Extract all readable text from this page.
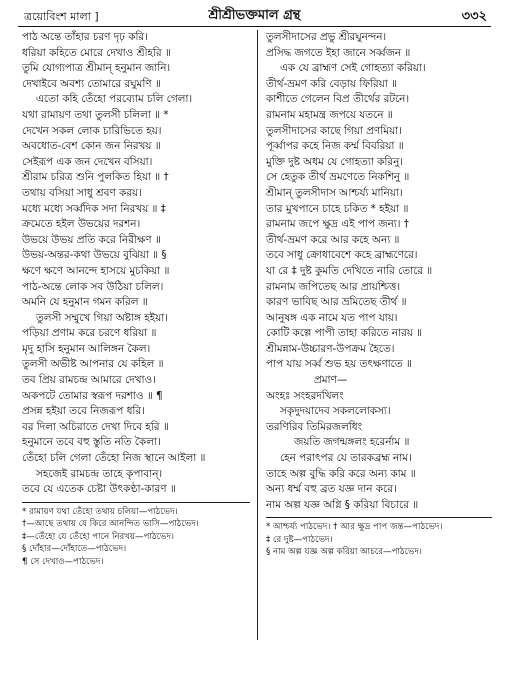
ত্রয়োবিংশ মালা ]	শ্রীশ্রীভক্তমাল গ্রন্থ	৩৩২
পাঠ অন্তে তাঁহার চরণ দৃঢ় করি।
ধরিয়া কহিতে মোরে দেখাও শ্রীহরি ॥
তুমি যোগ্যপাত্র শ্রীমান্ হনুমান জানি।
দেখাইবে অবশ্য তোমারে রঘুমণি ॥
এতো কহি তেঁহো পরব্যোম চলি গেলা।
যথা রামায়ণ তথা তুলসী চলিলা ॥ *
দেখেন সকল লোক চারিভিতে হয়।
অবধোত-বেশ কোন জন নিরখয় ॥
সেইরূপ এক জন দেখেন বসিয়া।
শ্রীরাম চরিত্র শুনি পুলকিত হিয়া ॥ †
তথায় বসিয়া সাধু শ্রবণ করয়।
মধ্যে মধ্যে সর্ব্বদিক সদা নিরখয় ॥ ‡
ক্রমেতে হইল উভয়ের দরশন।
উভয়ে উভয় প্রতি করে নিরীক্ষণ ॥
উভয়-অন্তর-কথা উভয়ে বুঝিয়া ॥ §
ক্ষণে ক্ষণে আনন্দে হাসয়ে মুচকিয়া ॥
পাঠ-অন্তে লোক সব উঠিয়া চলিল।
অমনি যে হনুমান গমন করিল ॥
তুলসী সম্মুখে গিয়া অষ্টাঙ্গ হইয়া।
পড়িয়া প্রণাম করে চরণে ধরিয়া ॥
মৃদু হাসি হনুমান আলিঙ্গন কৈল।
তুলসী অভীষ্ট আপনার যে কহিল ॥
তব প্রিয় রামচন্দ্র আমারে দেখাও।
অকপটে তোমার স্বরূপ দরশাও ॥ ¶
প্রসন্ন হইয়া তবে নিজরূপ ধরি।
বর দিলা অচিরাতে দেখা দিবে হরি ॥
হনুমানে তবে বহু স্তুতি নতি কৈলা।
তেঁহো চলি গেলা তেঁহো নিজ স্থানে আইলা ॥
সহজেই রামচন্দ্র তাহে কৃপাবান্।
তবে যে এতেক চেষ্টা উৎকণ্ঠা-কারণ ॥
* রামায়ণ যথা তেঁহো তথায় চলিয়া—পাঠভেদ।
†—আছে তথায় যে কিরে আনন্দিত ভাসি—পাঠভেদ।
‡—তেঁহো যে তেঁহো পানে নিরখয়—পাঠভেদ।
§ দোঁহার—দোঁহাতে—পাঠভেদ।
¶ সে দেখাও—পাঠভেদ।
তুলসীদাসের প্রভু শ্রীরঘুনন্দন।
প্রসিদ্ধ জগতে ইহা জানে সর্ব্বজন ॥
এক যে ব্রাহ্মণ সেই গোহত্যা করিয়া।
তীর্থ-ভ্রমণ করি বেড়ায় ফিরিয়া ॥
কাশীতে গেলেন বিপ্র তীর্থের রটনে।
রামনাম মহামন্ত্র জপয়ে যতনে ॥
তুলসীদাসের কাছে গিয়া প্রণমিয়া।
পূর্ব্বাপর কহে নিজ কর্ম্ম বিবরিয়া ॥
মুক্তি দুষ্ট অধম যে গোহত্যা করিনু।
সে হেতুক তীর্থ ভ্রমণেতে নিকশিনু ॥
শ্রীমান্ তুলসীদাস আশ্চর্য্য মানিয়া।
তার মুখপানে চাহে চকিত * হইয়া ॥
রামনাম জপে ক্ষুদ্র এই পাপ জন্য। †
তীর্থ-ভ্রমণ করে আর কহে অন্য ॥
তবে সাধু ক্রোধাবেশে কহে ব্রাহ্মণেরে।
যা রে ‡ দুষ্ট কুমতি দেখিতে নারি তোরে ॥
রামনাম জপিতেছ আর প্রায়শ্চিত্ত।
কারণ ভাবিছ আর ভ্রমিতেছ তীর্থ ॥
আনুষঙ্গ এক নামে যত পাপ যায়।
কোটি কল্পে পাপী তাহা করিতে নারয় ॥
শ্রীমন্নাম-উচ্চারণ-উপক্রম হৈতে।
পাপ যায় সর্ব্ব শুভ হয় তৎক্ষণাতে ॥
প্রমাণ—
অংহঃ সংহরদখিলং
সকৃদুদয়াদেব সকললোকস্য।
তরণিরিব তিমিরজলধিং
জয়তি জগন্মঙ্গলং হরের্নাম ॥
হেন পরাৎপর যে তারকব্রহ্ম নাম।
তাহে অল্প বুদ্ধি করি করে অন্য কাম ॥
অন্য ধর্ম্ম বহু ব্রত যজ্ঞ দান করে।
নাম অল্প যজ্ঞ অগ্নি § করিয়া বিচারে ॥
* আশ্চর্য্য পাঠভেদ। † আর ক্ষুদ্র পাপ জন্ত—পাঠভেদ।
‡ রে দুষ্ট—পাঠভেদ।
§ নাম অল্প যজ্ঞ অল্প করিয়া আচরে—পাঠভেদ।
